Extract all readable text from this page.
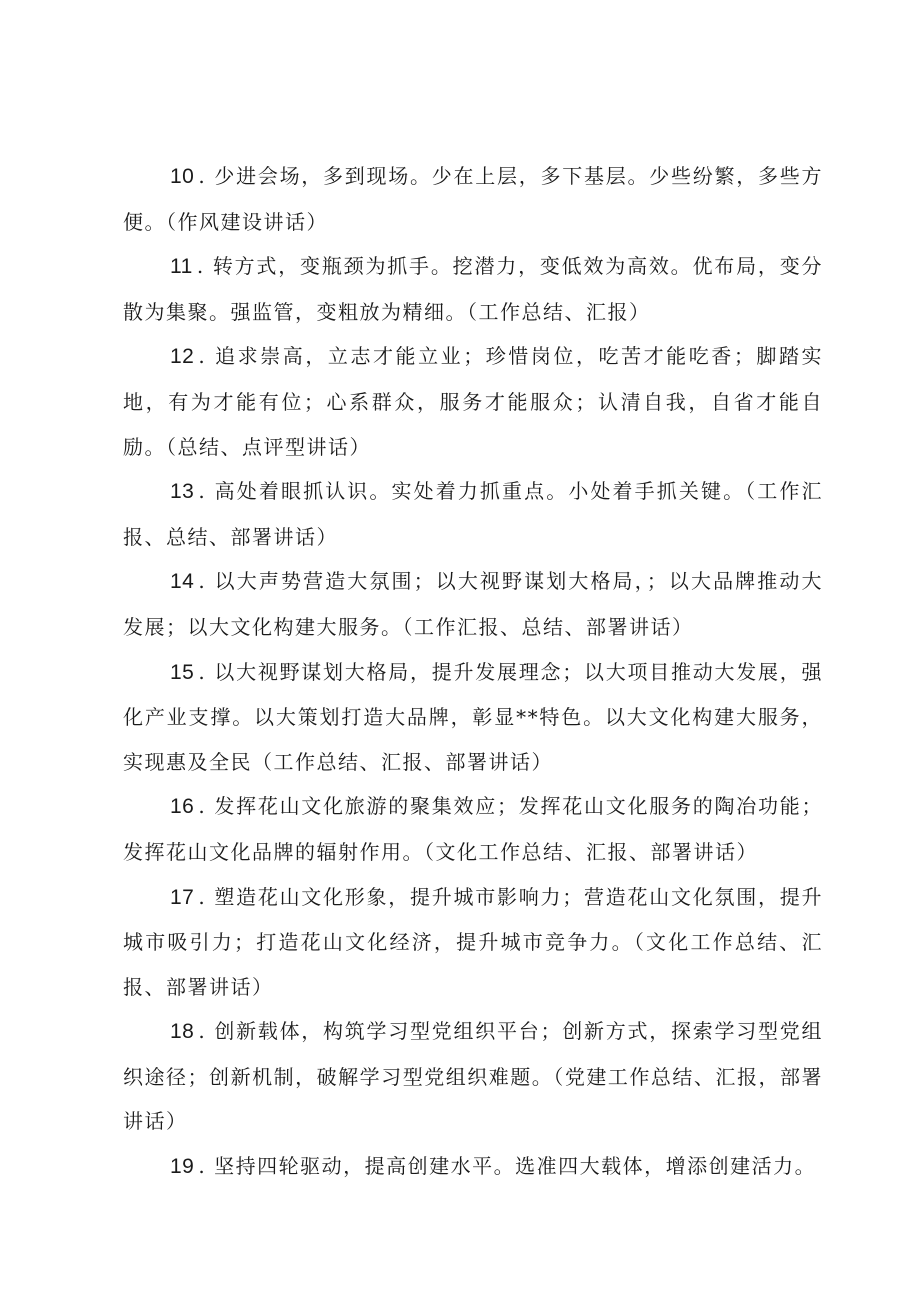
10 . 少进会场，多到现场。少在上层，多下基层。少些纷繁，多些方便。（作风建设讲话）

11 . 转方式，变瓶颈为抓手。挖潜力，变低效为高效。优布局，变分散为集聚。强监管，变粗放为精细。（工作总结、汇报）

12 . 追求崇高，立志才能立业；珍惜岗位，吃苦才能吃香；脚踏实地，有为才能有位；心系群众，服务才能服众；认清自我，自省才能自励。（总结、点评型讲话）

13 . 高处着眼抓认识。实处着力抓重点。小处着手抓关键。（工作汇报、总结、部署讲话）

14 . 以大声势营造大氛围；以大视野谋划大格局，；以大品牌推动大发展；以大文化构建大服务。（工作汇报、总结、部署讲话）

15 . 以大视野谋划大格局，提升发展理念；以大项目推动大发展，强化产业支撑。以大策划打造大品牌，彰显**特色。以大文化构建大服务，实现惠及全民（工作总结、汇报、部署讲话）

16 . 发挥花山文化旅游的聚集效应；发挥花山文化服务的陶冶功能；发挥花山文化品牌的辐射作用。（文化工作总结、汇报、部署讲话）

17 . 塑造花山文化形象，提升城市影响力；营造花山文化氛围，提升城市吸引力；打造花山文化经济，提升城市竞争力。（文化工作总结、汇报、部署讲话）

18 . 创新载体，构筑学习型党组织平台；创新方式，探索学习型党组织途径；创新机制，破解学习型党组织难题。（党建工作总结、汇报，部署讲话）

19 . 坚持四轮驱动，提高创建水平。选准四大载体，增添创建活力。
